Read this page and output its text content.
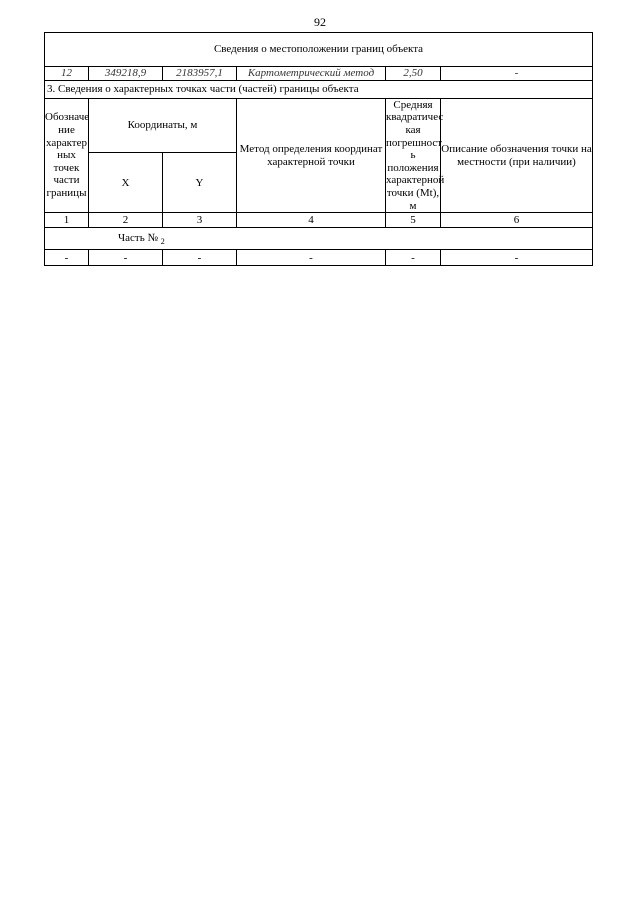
92
Сведения о местоположении границ объекта					
12	349218,9	2183957,1	Картометрический метод	2,50	-
3. Сведения о характерных точках части (частей) границы объекта					
Обозначе ние характер ных точек части границы	Координаты, м		Метод определения координат характерной точки	Средняя квадратичес кая погрешност ь положения характерной точки (Mt), м	Описание обозначения точки на местности (при наличии)
	X	Y			
1	2	3	4	5	6
Часть № $_2$
-	-	-	-	-	-
